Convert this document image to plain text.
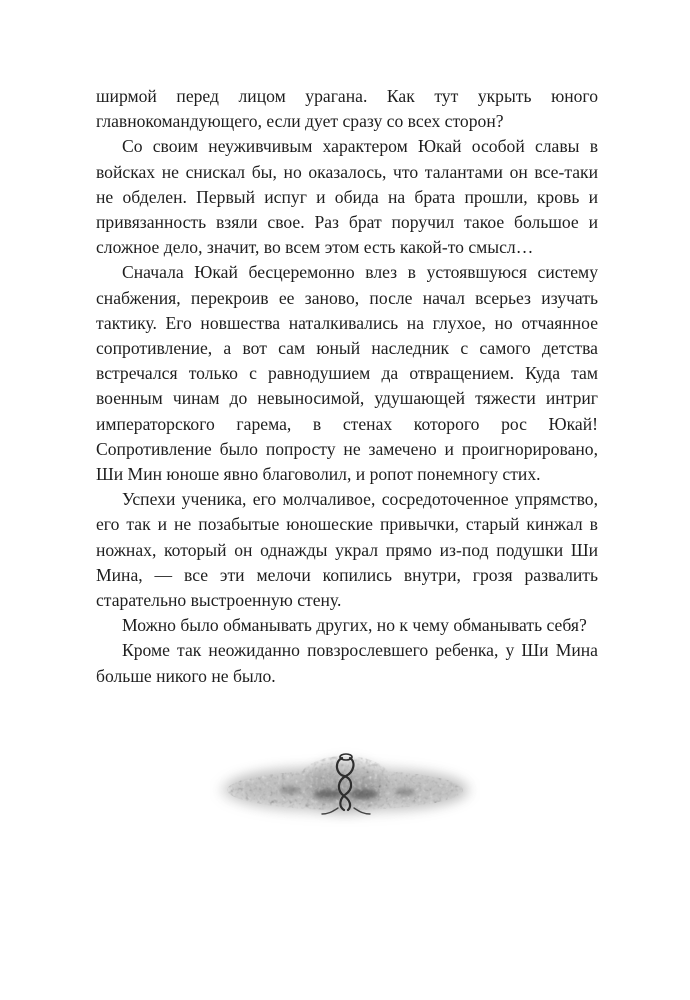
ширмой перед лицом урагана. Как тут укрыть юного главнокомандующего, если дует сразу со всех сторон?

Со своим неуживчивым характером Юкай особой славы в войсках не снискал бы, но оказалось, что талантами он все-таки не обделен. Первый испуг и обида на брата прошли, кровь и привязанность взяли свое. Раз брат поручил такое большое и сложное дело, значит, во всем этом есть какой-то смысл…

Сначала Юкай бесцеремонно влез в устоявшуюся систему снабжения, перекроив ее заново, после начал всерьез изучать тактику. Его новшества наталкивались на глухое, но отчаянное сопротивление, а вот сам юный наследник с самого детства встречался только с равнодушием да отвращением. Куда там военным чинам до невыносимой, удушающей тяжести интриг императорского гарема, в стенах которого рос Юкай! Сопротивление было попросту не замечено и проигнорировано, Ши Мин юноше явно благоволил, и ропот понемногу стих.

Успехи ученика, его молчаливое, сосредоточенное упрямство, его так и не позабытые юношеские привычки, старый кинжал в ножнах, который он однажды украл прямо из-под подушки Ши Мина, — все эти мелочи копились внутри, грозя развалить старательно выстроенную стену.

Можно было обманывать других, но к чему обманывать себя?

Кроме так неожиданно повзрослевшего ребенка, у Ши Мина больше никого не было.
